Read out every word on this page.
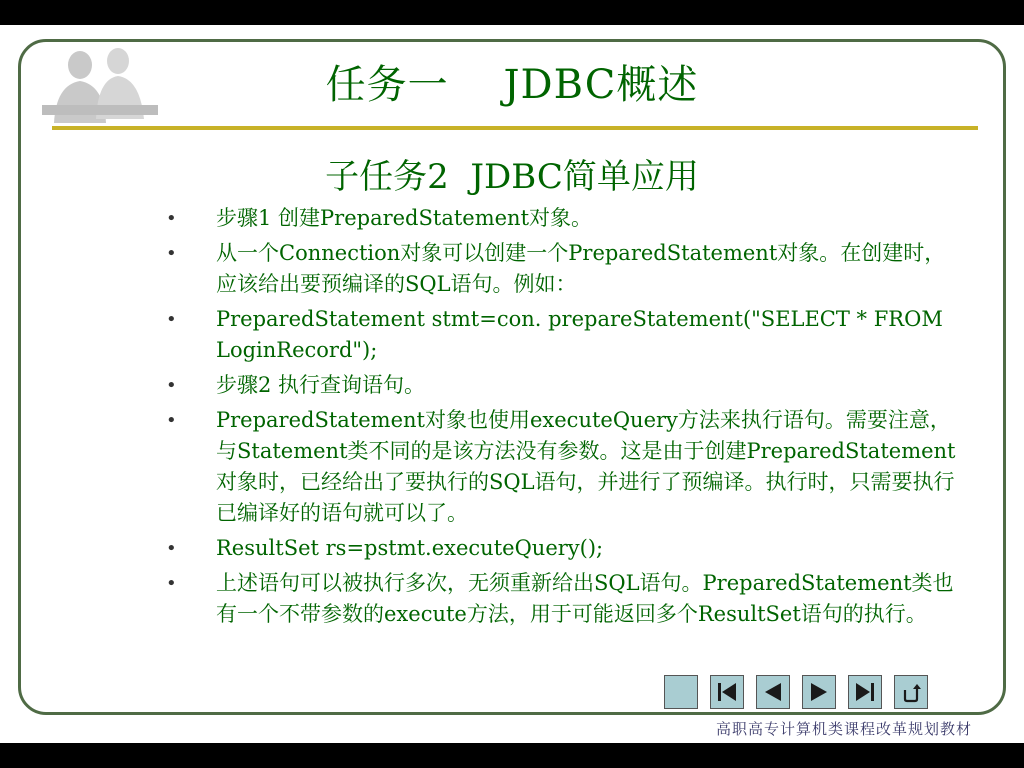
任务一    JDBC概述
子任务2  JDBC简单应用
• 步骤1 创建PreparedStatement对象。
• 从一个Connection对象可以创建一个PreparedStatement对象。在创建时，应该给出要预编译的SQL语句。例如：
• PreparedStatement stmt=con. prepareStatement("SELECT * FROM LoginRecord");
• 步骤2 执行查询语句。
• PreparedStatement对象也使用executeQuery方法来执行语句。需要注意，与Statement类不同的是该方法没有参数。这是由于创建PreparedStatement对象时，已经给出了要执行的SQL语句，并进行了预编译。执行时，只需要执行已编译好的语句就可以了。
• ResultSet rs=pstmt.executeQuery();
• 上述语句可以被执行多次，无须重新给出SQL语句。PreparedStatement类也有一个不带参数的execute方法，用于可能返回多个ResultSet语句的执行。
高职高专计算机类课程改革规划教材
